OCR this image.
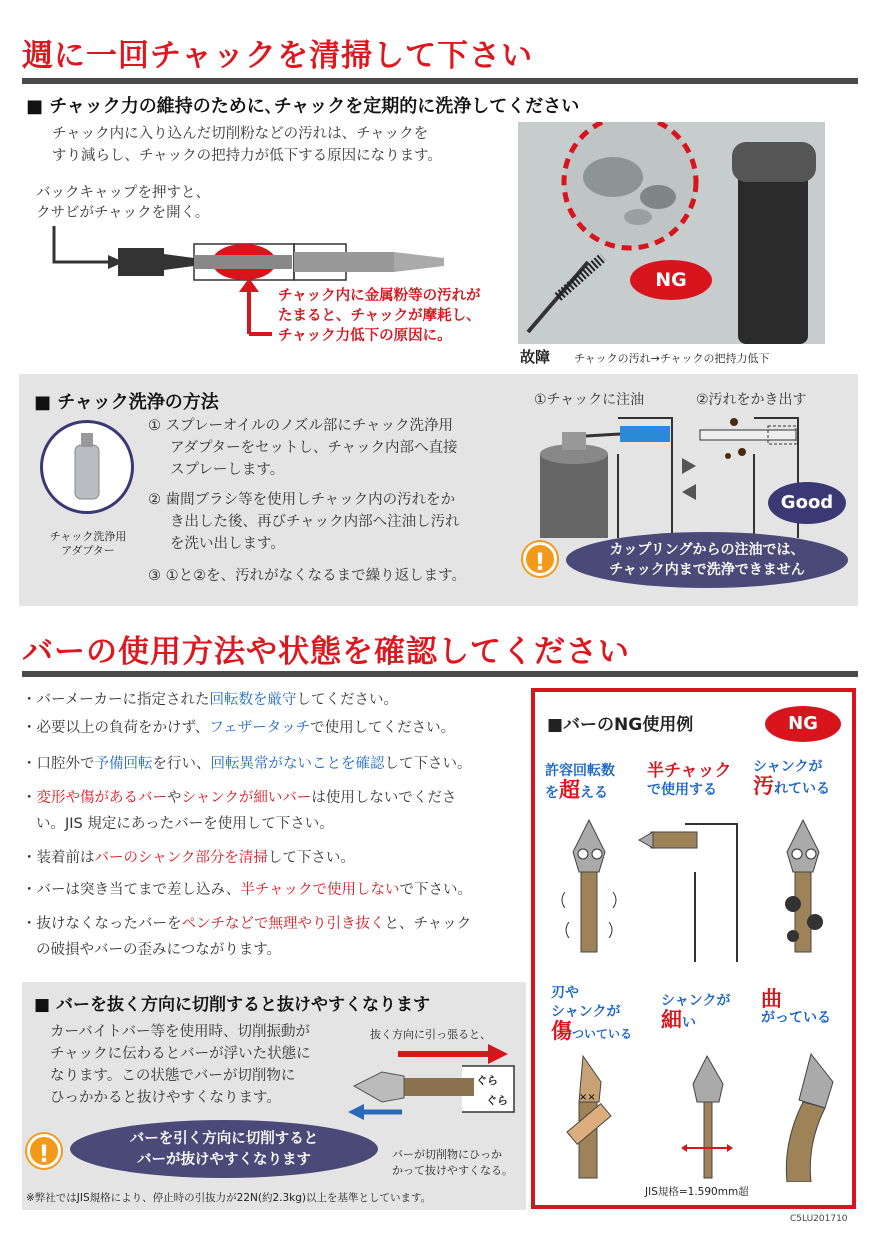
週に一回チャックを清掃して下さい
■ チャック力の維持のために､チャックを定期的に洗浄してください
チャック内に入り込んだ切削粉などの汚れは、チャックを
すり減らし、チャックの把持力が低下する原因になります。
バックキャップを押すと、
クサビがチャックを開く。
チャック内に金属粉等の汚れが
たまると、チャックが摩耗し、
チャック力低下の原因に。
NG
故障 チャックの汚れ→チャックの把持力低下
■ チャック洗浄の方法
チャック洗浄用
アダプター
① スプレーオイルのノズル部にチャック洗浄用
アダプターをセットし、チャック内部へ直接
スプレーします。
② 歯間ブラシ等を使用しチャック内の汚れをか
き出した後、再びチャック内部へ注油し汚れ
を洗い出します。
③ ①と②を、汚れがなくなるまで繰り返します。
①チャックに注油	②汚れをかき出す
Good
!	カップリングからの注油では、
チャック内まで洗浄できません
バーの使用方法や状態を確認してください
・バーメーカーに指定された回転数を厳守してください。
・必要以上の負荷をかけず、フェザータッチで使用してください。
・口腔外で予備回転を行い、回転異常がないことを確認して下さい。
・変形や傷があるバーやシャンクが細いバーは使用しないでくださ
い。JIS 規定にあったバーを使用して下さい。
・装着前はバーのシャンク部分を清掃して下さい。
・バーは突き当てまで差し込み、半チャックで使用しないで下さい。
・抜けなくなったバーをペンチなどで無理やり引き抜くと、チャック
の破損やバーの歪みにつながります。
■ バーを抜く方向に切削すると抜けやすくなります
カーバイトバー等を使用時、切削振動が
チャックに伝わるとバーが浮いた状態に
なります。この状態でバーが切削物に
ひっかかると抜けやすくなります。
抜く方向に引っ張ると、
ぐら
ぐら
バーが切削物にひっか
かって抜けやすくなる。
!
バーを引く方向に切削すると
バーが抜けやすくなります
※弊社ではJIS規格により、停止時の引抜力が22N(約2.3kg)以上を基準としています。
■バーのNG使用例	NG
許容回転数
を超える
半チャック
で使用する
シャンクが
汚れている
刃や
シャンクが
傷ついている
シャンクが
細い
曲
がっている
××
JIS規格=1.590mm超
C5LU201710
